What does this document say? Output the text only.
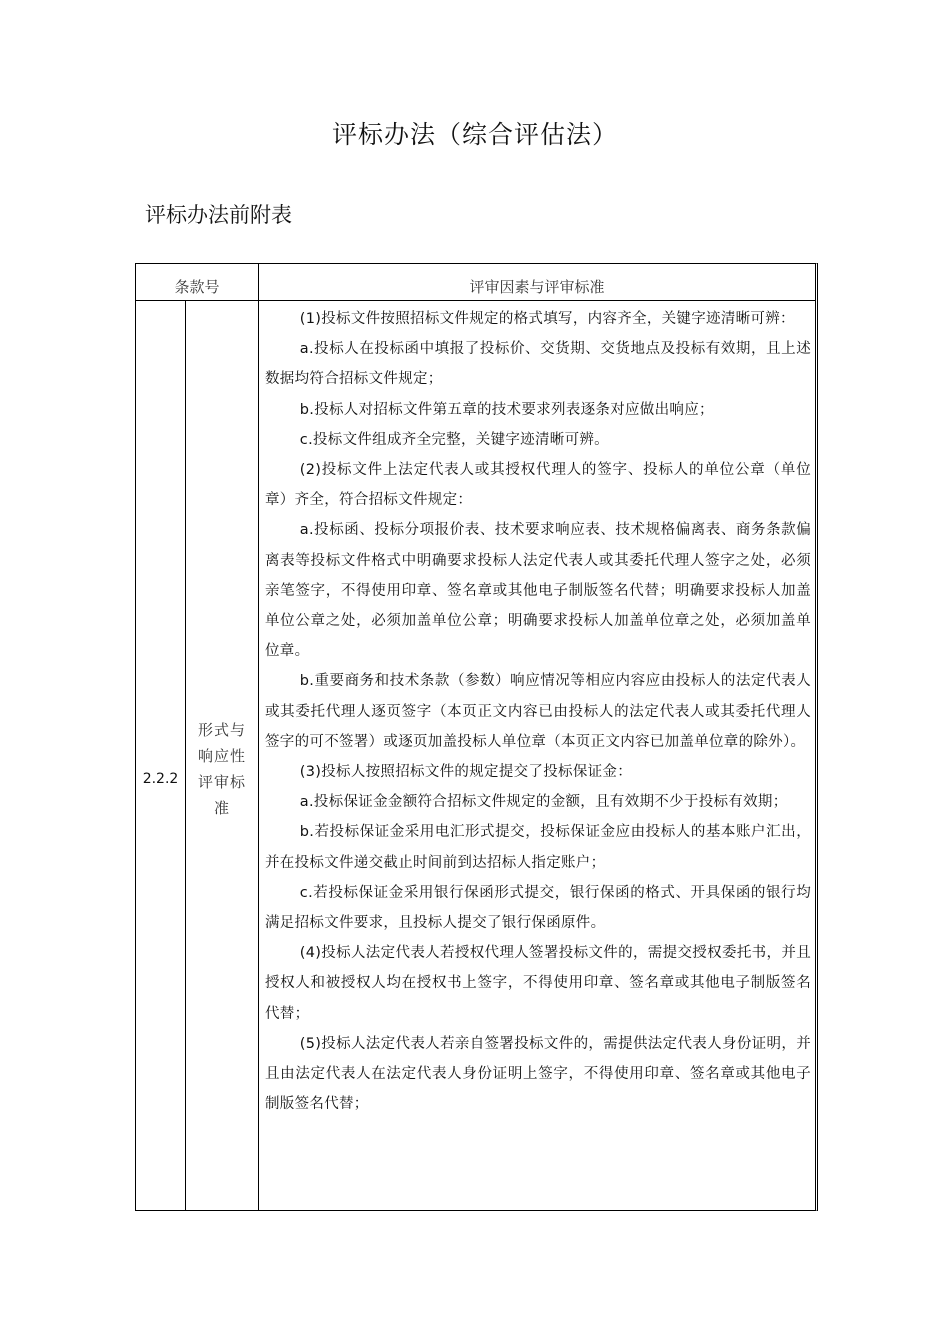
评标办法（综合评估法）
评标办法前附表
条款号	评审因素与评审标准
2.2.2
形式与响应性评审标准

(1)投标文件按照招标文件规定的格式填写，内容齐全，关键字迹清晰可辨：

a.投标人在投标函中填报了投标价、交货期、交货地点及投标有效期，且上述数据均符合招标文件规定；

b.投标人对招标文件第五章的技术要求列表逐条对应做出响应；

c.投标文件组成齐全完整，关键字迹清晰可辨。

(2)投标文件上法定代表人或其授权代理人的签字、投标人的单位公章（单位章）齐全，符合招标文件规定：

a.投标函、投标分项报价表、技术要求响应表、技术规格偏离表、商务条款偏离表等投标文件格式中明确要求投标人法定代表人或其委托代理人签字之处，必须亲笔签字，不得使用印章、签名章或其他电子制版签名代替；明确要求投标人加盖单位公章之处，必须加盖单位公章；明确要求投标人加盖单位章之处，必须加盖单位章。

b.重要商务和技术条款（参数）响应情况等相应内容应由投标人的法定代表人或其委托代理人逐页签字（本页正文内容已由投标人的法定代表人或其委托代理人签字的可不签署）或逐页加盖投标人单位章（本页正文内容已加盖单位章的除外）。

(3)投标人按照招标文件的规定提交了投标保证金：

a.投标保证金金额符合招标文件规定的金额，且有效期不少于投标有效期；

b.若投标保证金采用电汇形式提交，投标保证金应由投标人的基本账户汇出，并在投标文件递交截止时间前到达招标人指定账户；

c.若投标保证金采用银行保函形式提交，银行保函的格式、开具保函的银行均满足招标文件要求，且投标人提交了银行保函原件。

(4)投标人法定代表人若授权代理人签署投标文件的，需提交授权委托书，并且授权人和被授权人均在授权书上签字，不得使用印章、签名章或其他电子制版签名代替；

(5)投标人法定代表人若亲自签署投标文件的，需提供法定代表人身份证明，并且由法定代表人在法定代表人身份证明上签字，不得使用印章、签名章或其他电子制版签名代替；
